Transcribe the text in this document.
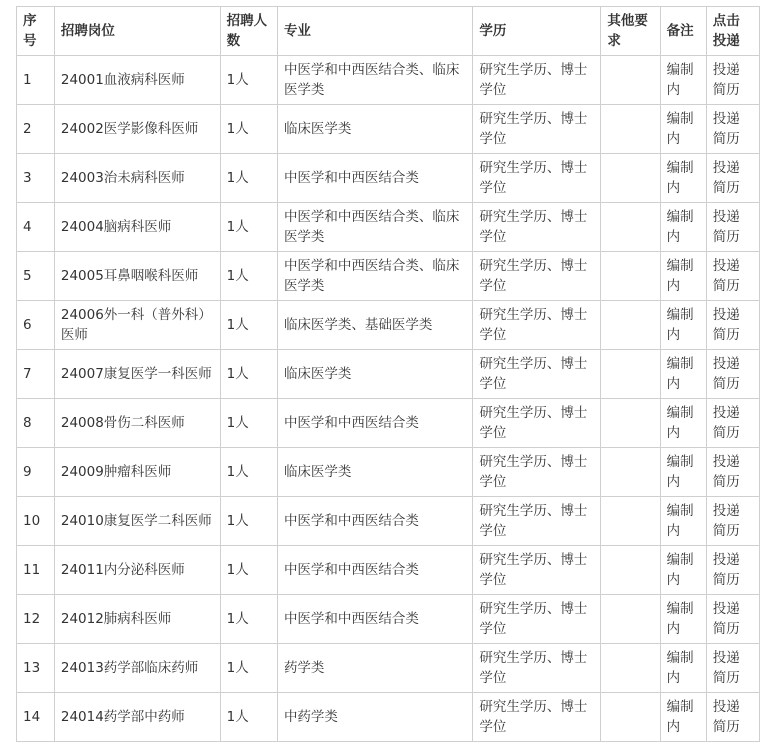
序号	招聘岗位	招聘人数	专业	学历	其他要求	备注	点击投递
1	24001血液病科医师	1人	中医学和中西医结合类、临床医学类	研究生学历、博士学位		编制内	投递简历
2	24002医学影像科医师	1人	临床医学类	研究生学历、博士学位		编制内	投递简历
3	24003治未病科医师	1人	中医学和中西医结合类	研究生学历、博士学位		编制内	投递简历
4	24004脑病科医师	1人	中医学和中西医结合类、临床医学类	研究生学历、博士学位		编制内	投递简历
5	24005耳鼻咽喉科医师	1人	中医学和中西医结合类、临床医学类	研究生学历、博士学位		编制内	投递简历
6	24006外一科（普外科）医师	1人	临床医学类、基础医学类	研究生学历、博士学位		编制内	投递简历
7	24007康复医学一科医师	1人	临床医学类	研究生学历、博士学位		编制内	投递简历
8	24008骨伤二科医师	1人	中医学和中西医结合类	研究生学历、博士学位		编制内	投递简历
9	24009肿瘤科医师	1人	临床医学类	研究生学历、博士学位		编制内	投递简历
10	24010康复医学二科医师	1人	中医学和中西医结合类	研究生学历、博士学位		编制内	投递简历
11	24011内分泌科医师	1人	中医学和中西医结合类	研究生学历、博士学位		编制内	投递简历
12	24012肺病科医师	1人	中医学和中西医结合类	研究生学历、博士学位		编制内	投递简历
13	24013药学部临床药师	1人	药学类	研究生学历、博士学位		编制内	投递简历
14	24014药学部中药师	1人	中药学类	研究生学历、博士学位		编制内	投递简历
